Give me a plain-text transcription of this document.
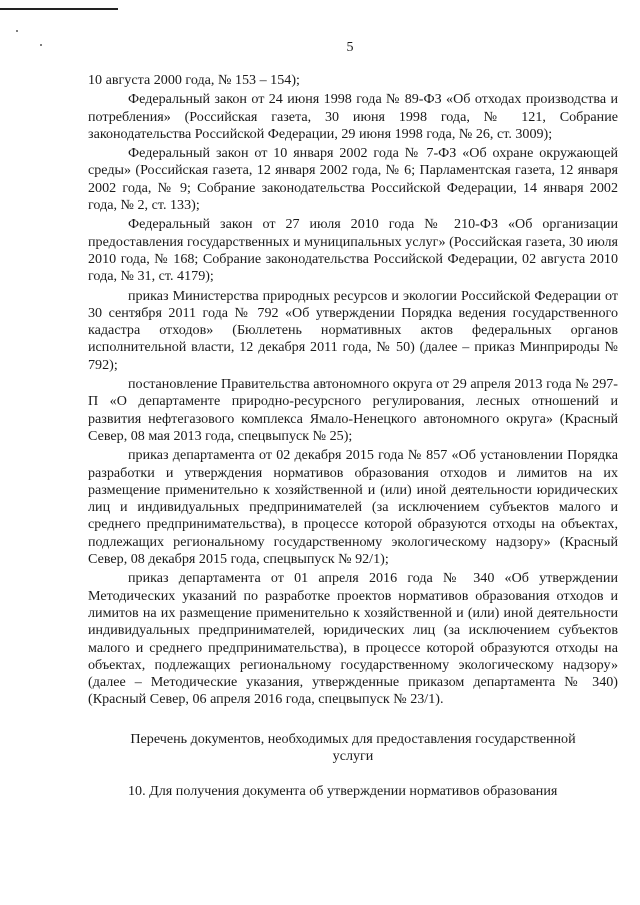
5

10 августа 2000 года, № 153 – 154);

Федеральный закон от 24 июня 1998 года № 89-ФЗ «Об отходах производства и потребления» (Российская газета, 30 июня 1998 года, № 121, Собрание законодательства Российской Федерации, 29 июня 1998 года, № 26, ст. 3009);

Федеральный закон от 10 января 2002 года № 7-ФЗ «Об охране окружающей среды» (Российская газета, 12 января 2002 года, № 6; Парламентская газета, 12 января 2002 года, № 9; Собрание законодательства Российской Федерации, 14 января 2002 года, № 2, ст. 133);

Федеральный закон от 27 июля 2010 года № 210-ФЗ «Об организации предоставления государственных и муниципальных услуг» (Российская газета, 30 июля 2010 года, № 168; Собрание законодательства Российской Федерации, 02 августа 2010 года, № 31, ст. 4179);

приказ Министерства природных ресурсов и экологии Российской Федерации от 30 сентября 2011 года № 792 «Об утверждении Порядка ведения государственного кадастра отходов» (Бюллетень нормативных актов федеральных органов исполнительной власти, 12 декабря 2011 года, № 50) (далее – приказ Минприроды № 792);

постановление Правительства автономного округа от 29 апреля 2013 года № 297-П «О департаменте природно-ресурсного регулирования, лесных отношений и развития нефтегазового комплекса Ямало-Ненецкого автономного округа» (Красный Север, 08 мая 2013 года, спецвыпуск № 25);

приказ департамента от 02 декабря 2015 года № 857 «Об установлении Порядка разработки и утверждения нормативов образования отходов и лимитов на их размещение применительно к хозяйственной и (или) иной деятельности юридических лиц и индивидуальных предпринимателей (за исключением субъектов малого и среднего предпринимательства), в процессе которой образуются отходы на объектах, подлежащих региональному государственному экологическому надзору» (Красный Север, 08 декабря 2015 года, спецвыпуск № 92/1);

приказ департамента от 01 апреля 2016 года № 340 «Об утверждении Методических указаний по разработке проектов нормативов образования отходов и лимитов на их размещение применительно к хозяйственной и (или) иной деятельности индивидуальных предпринимателей, юридических лиц (за исключением субъектов малого и среднего предпринимательства), в процессе которой образуются отходы на объектах, подлежащих региональному государственному экологическому надзору» (далее – Методические указания, утвержденные приказом департамента № 340) (Красный Север, 06 апреля 2016 года, спецвыпуск № 23/1).

Перечень документов, необходимых для предоставления государственной услуги

10. Для получения документа об утверждении нормативов образования
